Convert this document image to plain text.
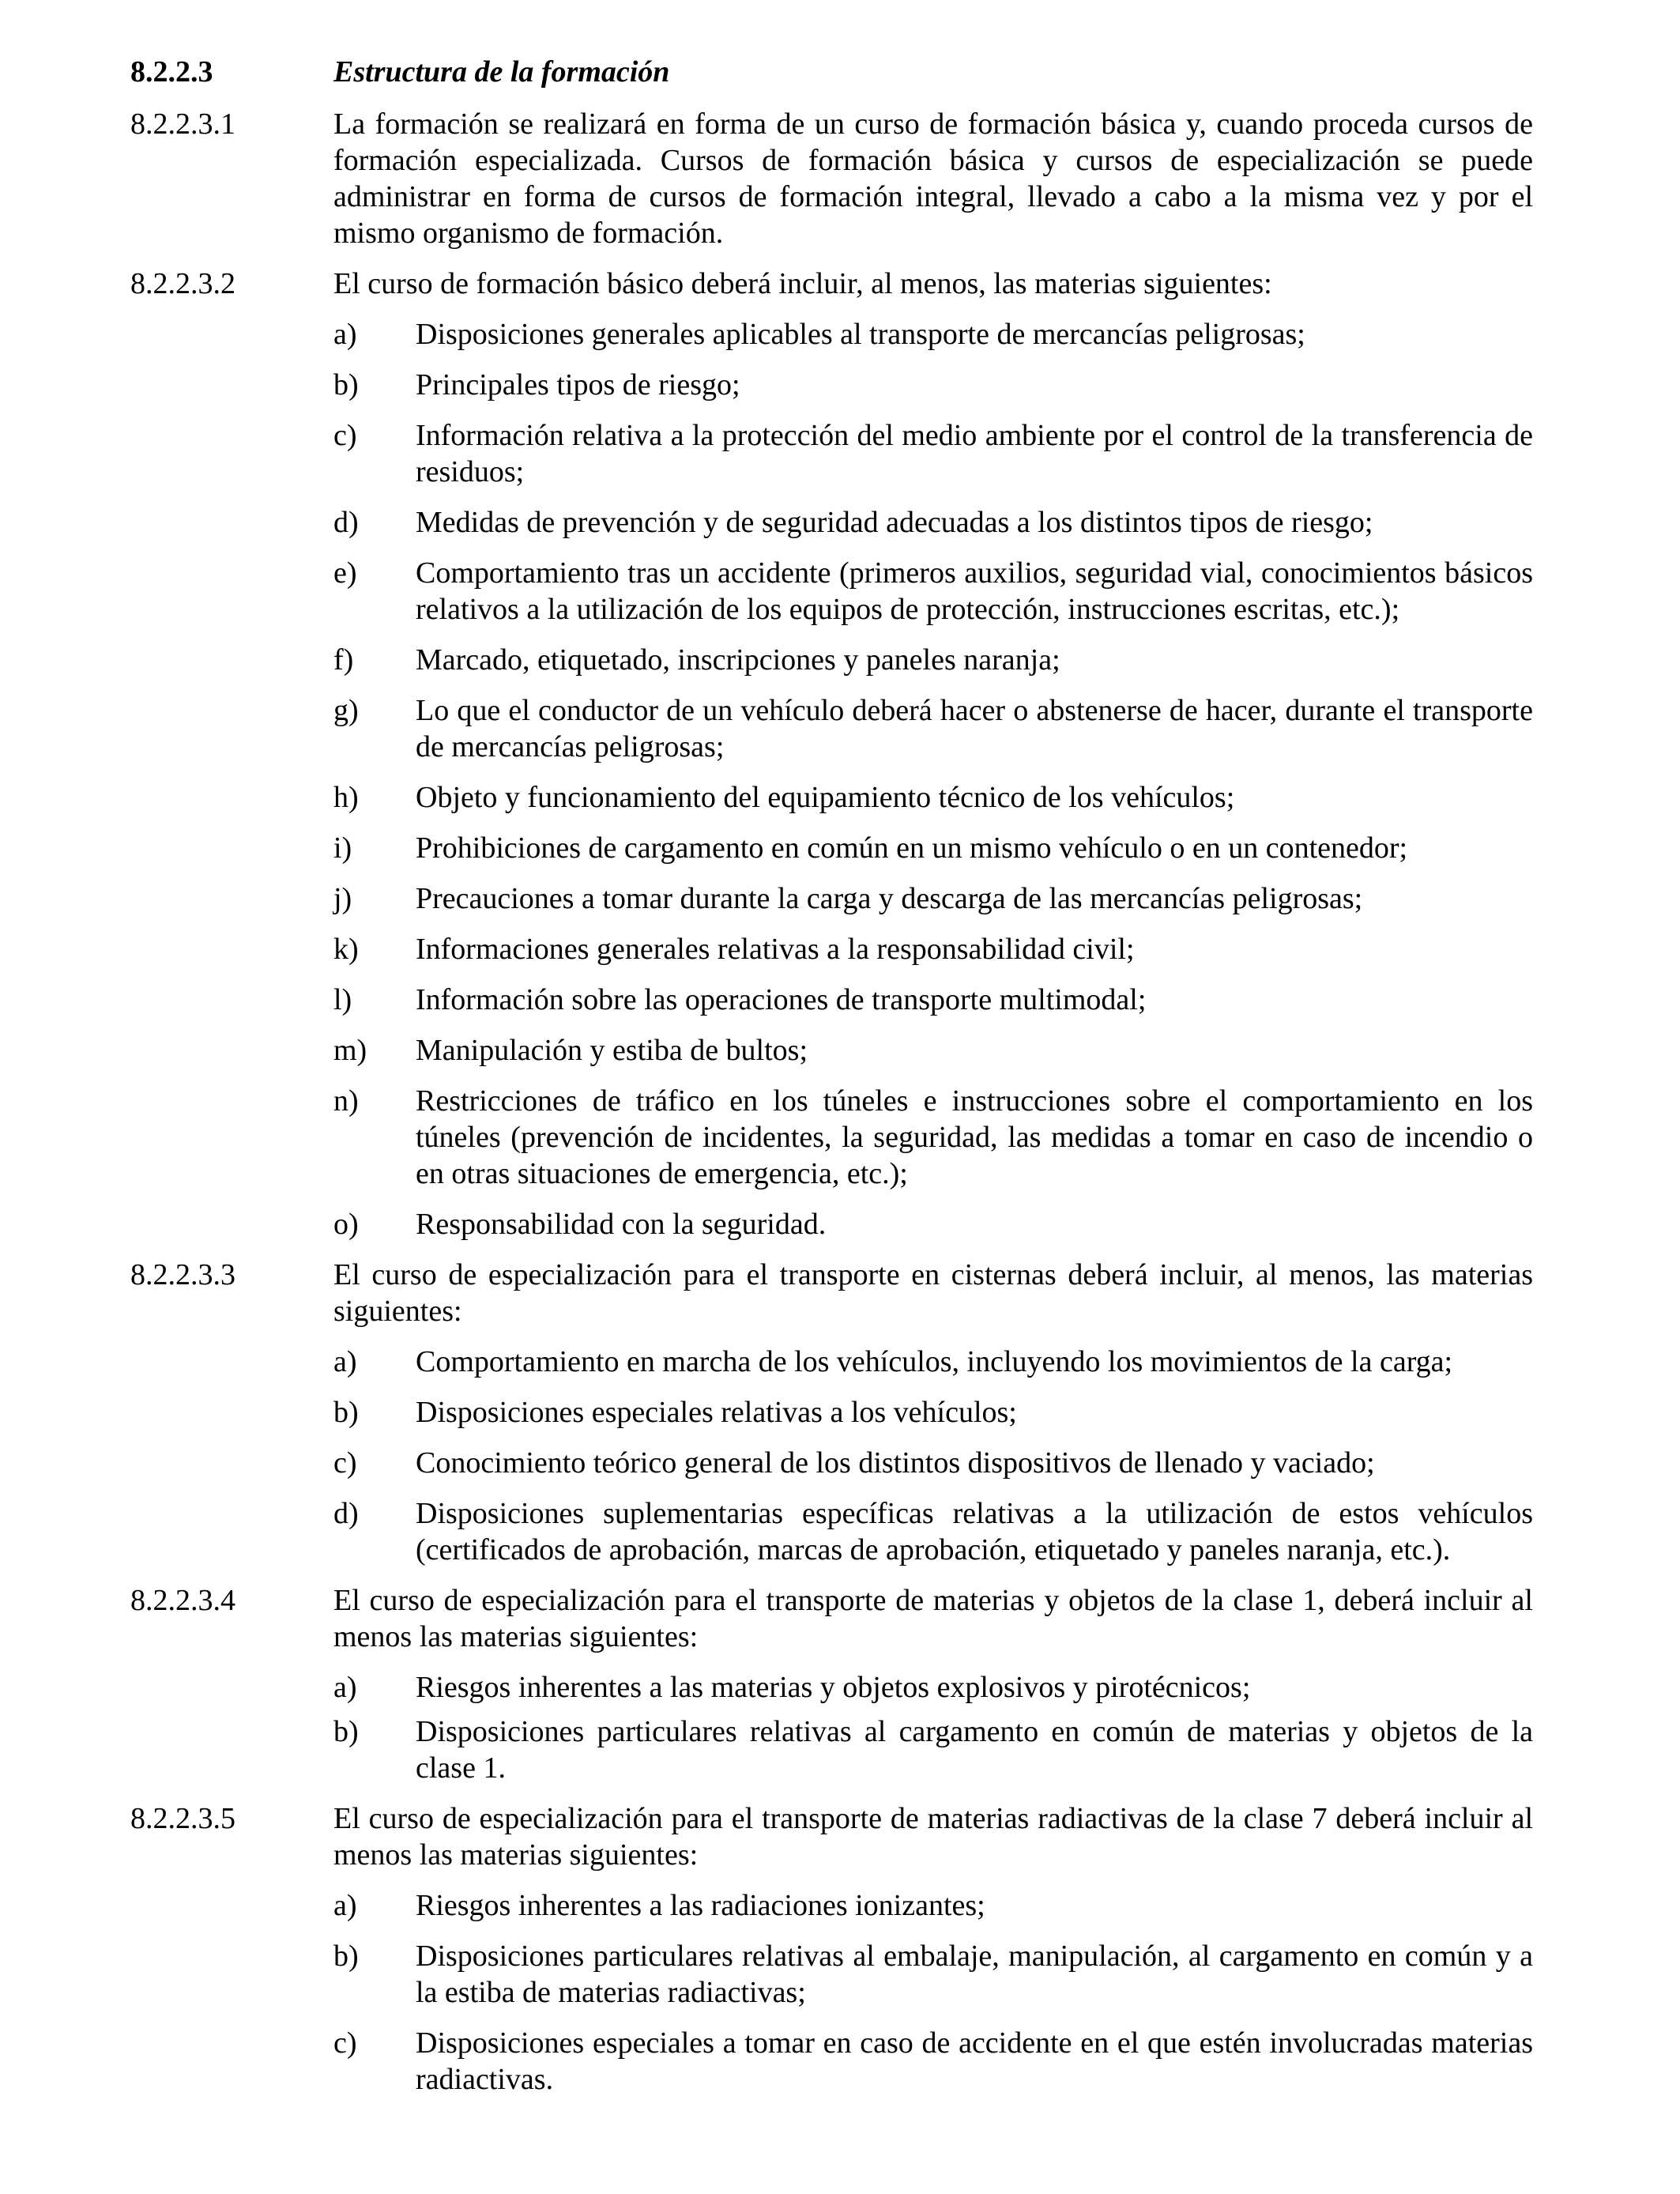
8.2.2.3	Estructura de la formación
8.2.2.3.1	La formación se realizará en forma de un curso de formación básica y, cuando proceda cursos de formación especializada. Cursos de formación básica y cursos de especialización se puede administrar en forma de cursos de formación integral, llevado a cabo a la misma vez y por el mismo organismo de formación.
8.2.2.3.2	El curso de formación básico deberá incluir, al menos, las materias siguientes:
a)	Disposiciones generales aplicables al transporte de mercancías peligrosas;
b)	Principales tipos de riesgo;
c)	Información relativa a la protección del medio ambiente por el control de la transferencia de residuos;
d)	Medidas de prevención y de seguridad adecuadas a los distintos tipos de riesgo;
e)	Comportamiento tras un accidente (primeros auxilios, seguridad vial, conocimientos básicos relativos a la utilización de los equipos de protección, instrucciones escritas, etc.);
f)	Marcado, etiquetado, inscripciones y paneles naranja;
g)	Lo que el conductor de un vehículo deberá hacer o abstenerse de hacer, durante el transporte de mercancías peligrosas;
h)	Objeto y funcionamiento del equipamiento técnico de los vehículos;
i)	Prohibiciones de cargamento en común en un mismo vehículo o en un contenedor;
j)	Precauciones a tomar durante la carga y descarga de las mercancías peligrosas;
k)	Informaciones generales relativas a la responsabilidad civil;
l)	Información sobre las operaciones de transporte multimodal;
m)	Manipulación y estiba de bultos;
n)	Restricciones de tráfico en los túneles e instrucciones sobre el comportamiento en los túneles (prevención de incidentes, la seguridad, las medidas a tomar en caso de incendio o en otras situaciones de emergencia, etc.);
o)	Responsabilidad con la seguridad.
8.2.2.3.3	El curso de especialización para el transporte en cisternas deberá incluir, al menos, las materias siguientes:
a)	Comportamiento en marcha de los vehículos, incluyendo los movimientos de la carga;
b)	Disposiciones especiales relativas a los vehículos;
c)	Conocimiento teórico general de los distintos dispositivos de llenado y vaciado;
d)	Disposiciones suplementarias específicas relativas a la utilización de estos vehículos (certificados de aprobación, marcas de aprobación, etiquetado y paneles naranja, etc.).
8.2.2.3.4	El curso de especialización para el transporte de materias y objetos de la clase 1, deberá incluir al menos las materias siguientes:
a)	Riesgos inherentes a las materias y objetos explosivos y pirotécnicos;
b)	Disposiciones particulares relativas al cargamento en común de materias y objetos de la clase 1.
8.2.2.3.5	El curso de especialización para el transporte de materias radiactivas de la clase 7 deberá incluir al menos las materias siguientes:
a)	Riesgos inherentes a las radiaciones ionizantes;
b)	Disposiciones particulares relativas al embalaje, manipulación, al cargamento en común y a la estiba de materias radiactivas;
c)	Disposiciones especiales a tomar en caso de accidente en el que estén involucradas materias radiactivas.
